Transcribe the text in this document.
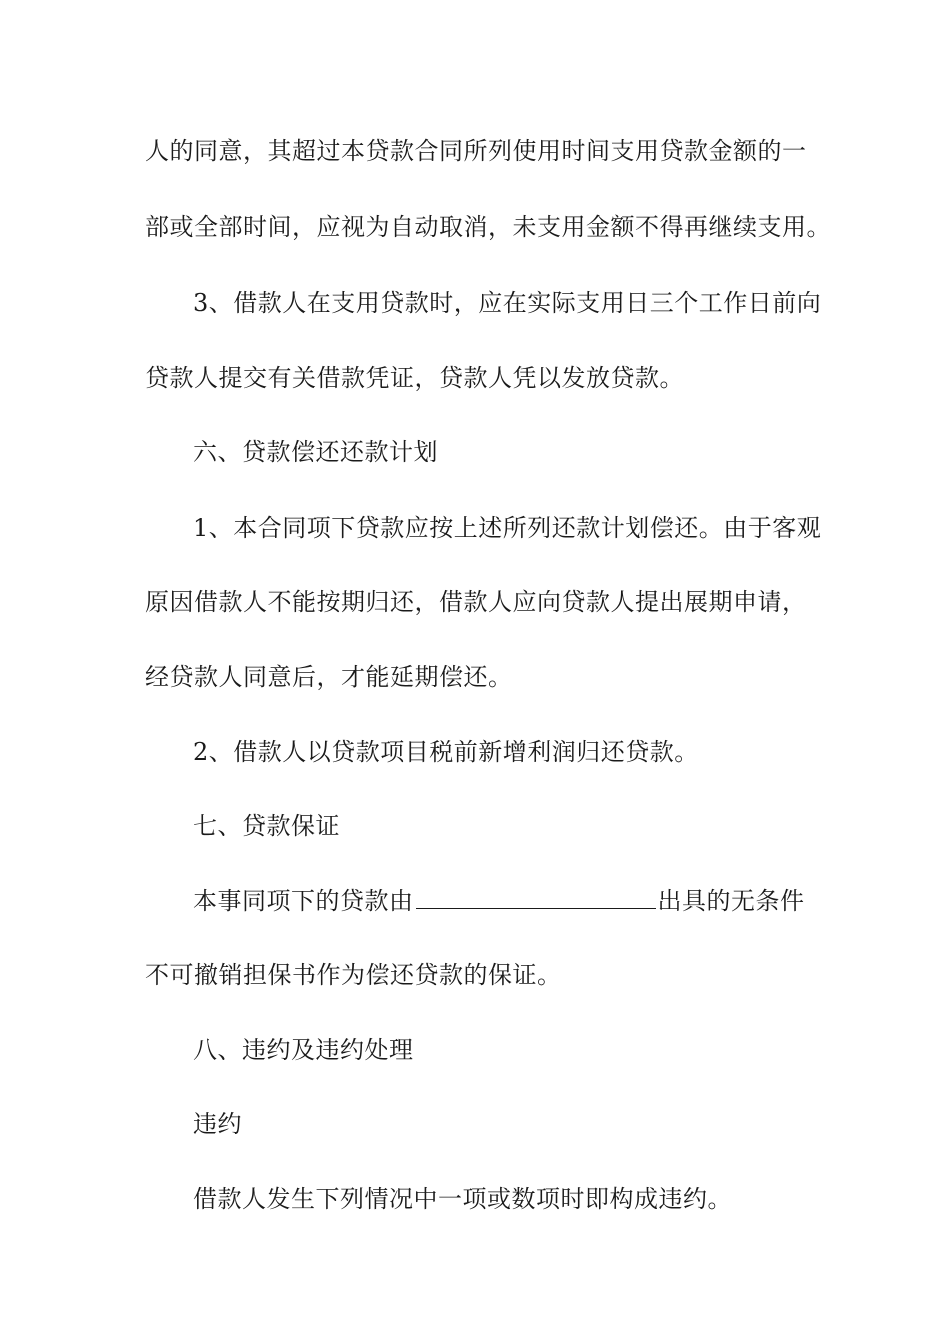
人的同意，其超过本贷款合同所列使用时间支用贷款金额的一
部或全部时间，应视为自动取消，未支用金额不得再继续支用。
3、借款人在支用贷款时，应在实际支用日三个工作日前向
贷款人提交有关借款凭证，贷款人凭以发放贷款。
六、贷款偿还还款计划
1、本合同项下贷款应按上述所列还款计划偿还。由于客观
原因借款人不能按期归还，借款人应向贷款人提出展期申请，
经贷款人同意后，才能延期偿还。
2、借款人以贷款项目税前新增利润归还贷款。
七、贷款保证
本事同项下的贷款由	出具的无条件
不可撤销担保书作为偿还贷款的保证。
八、违约及违约处理
违约
借款人发生下列情况中一项或数项时即构成违约。
